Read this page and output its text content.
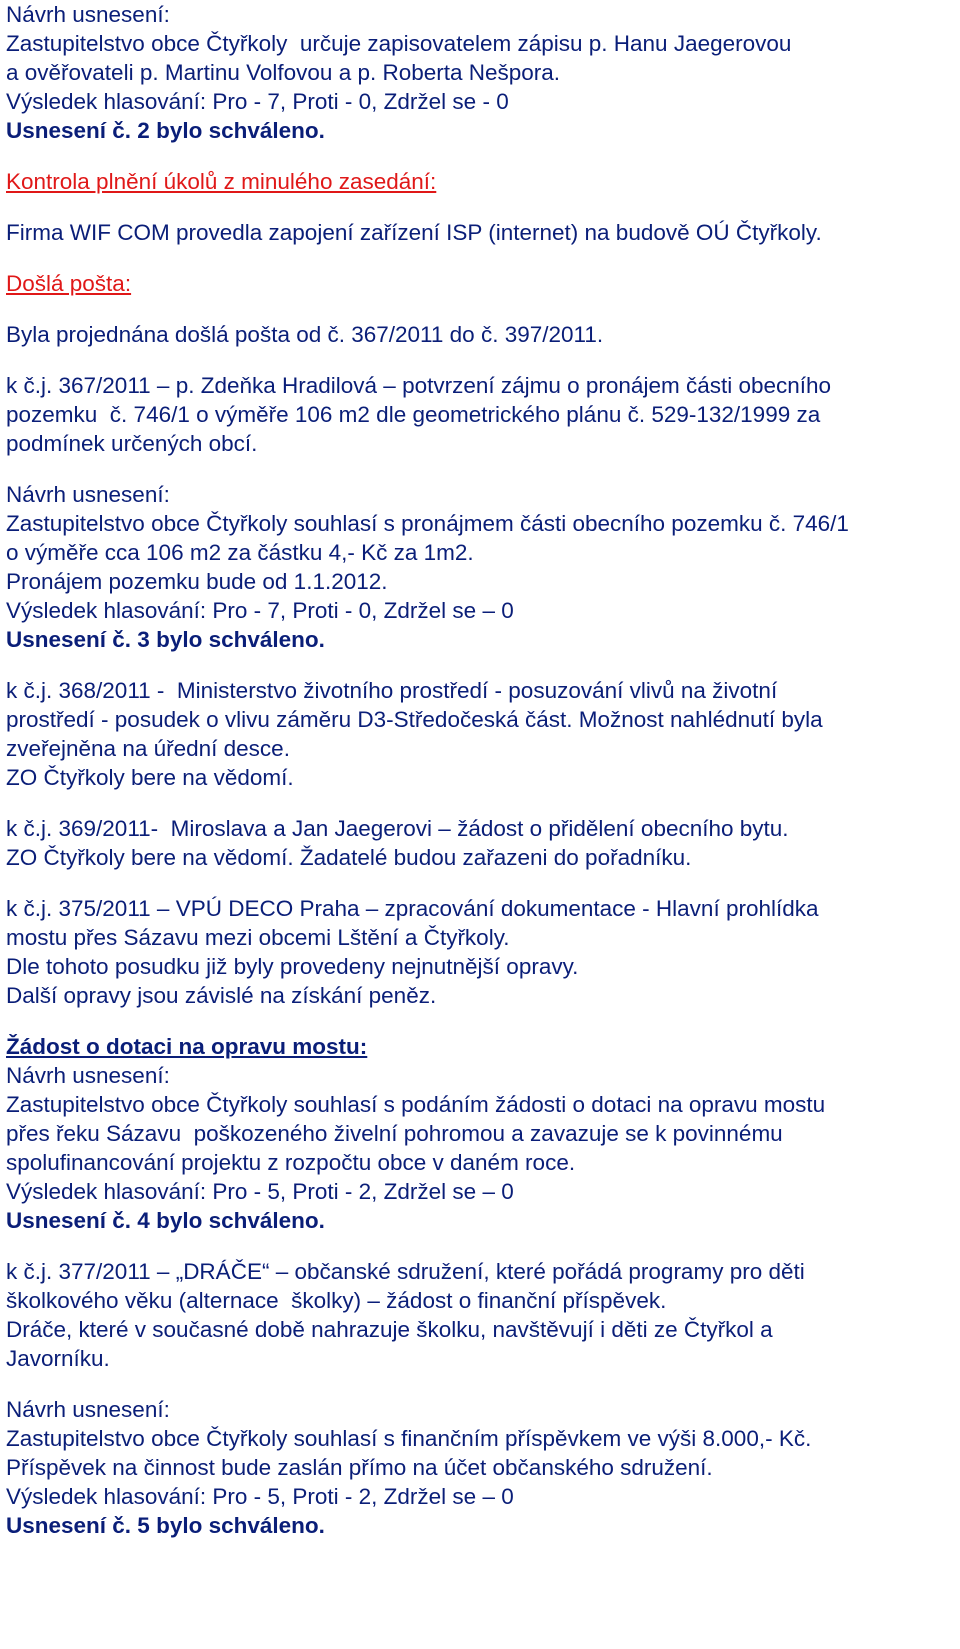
Návrh usnesení:
Zastupitelstvo obce Čtyřkoly  určuje zapisovatelem zápisu p. Hanu Jaegerovou
a ověřovateli p. Martinu Volfovou a p. Roberta Nešpora.
Výsledek hlasování: Pro - 7, Proti - 0, Zdržel se - 0
Usnesení č. 2 bylo schváleno.
Kontrola plnění úkolů z minulého zasedání:
Firma WIF COM provedla zapojení zařízení ISP (internet) na budově OÚ Čtyřkoly.
Došlá pošta:
Byla projednána došlá pošta od č. 367/2011 do č. 397/2011.
k č.j. 367/2011 – p. Zdeňka Hradilová – potvrzení zájmu o pronájem části obecního
pozemku  č. 746/1 o výměře 106 m2 dle geometrického plánu č. 529-132/1999 za
podmínek určených obcí.
Návrh usnesení:
Zastupitelstvo obce Čtyřkoly souhlasí s pronájmem části obecního pozemku č. 746/1
o výměře cca 106 m2 za částku 4,- Kč za 1m2.
Pronájem pozemku bude od 1.1.2012.
Výsledek hlasování: Pro - 7, Proti - 0, Zdržel se – 0
Usnesení č. 3 bylo schváleno.
k č.j. 368/2011 -  Ministerstvo životního prostředí - posuzování vlivů na životní
prostředí - posudek o vlivu záměru D3-Středočeská část. Možnost nahlédnutí byla
zveřejněna na úřední desce.
ZO Čtyřkoly bere na vědomí.
k č.j. 369/2011-  Miroslava a Jan Jaegerovi – žádost o přidělení obecního bytu.
ZO Čtyřkoly bere na vědomí. Žadatelé budou zařazeni do pořadníku.
k č.j. 375/2011 – VPÚ DECO Praha – zpracování dokumentace - Hlavní prohlídka
mostu přes Sázavu mezi obcemi Lštění a Čtyřkoly.
Dle tohoto posudku již byly provedeny nejnutnější opravy.
Další opravy jsou závislé na získání peněz.
Žádost o dotaci na opravu mostu:
Návrh usnesení:
Zastupitelstvo obce Čtyřkoly souhlasí s podáním žádosti o dotaci na opravu mostu
přes řeku Sázavu  poškozeného živelní pohromou a zavazuje se k povinnému
spolufinancování projektu z rozpočtu obce v daném roce.
Výsledek hlasování: Pro - 5, Proti - 2, Zdržel se – 0
Usnesení č. 4 bylo schváleno.
k č.j. 377/2011 – „DRÁČE“ – občanské sdružení, které pořádá programy pro děti
školkového věku (alternace  školky) – žádost o finanční příspěvek.
Dráče, které v současné době nahrazuje školku, navštěvují i děti ze Čtyřkol a
Javorníku.
Návrh usnesení:
Zastupitelstvo obce Čtyřkoly souhlasí s finančním příspěvkem ve výši 8.000,- Kč.
Příspěvek na činnost bude zaslán přímo na účet občanského sdružení.
Výsledek hlasování: Pro - 5, Proti - 2, Zdržel se – 0
Usnesení č. 5 bylo schváleno.
